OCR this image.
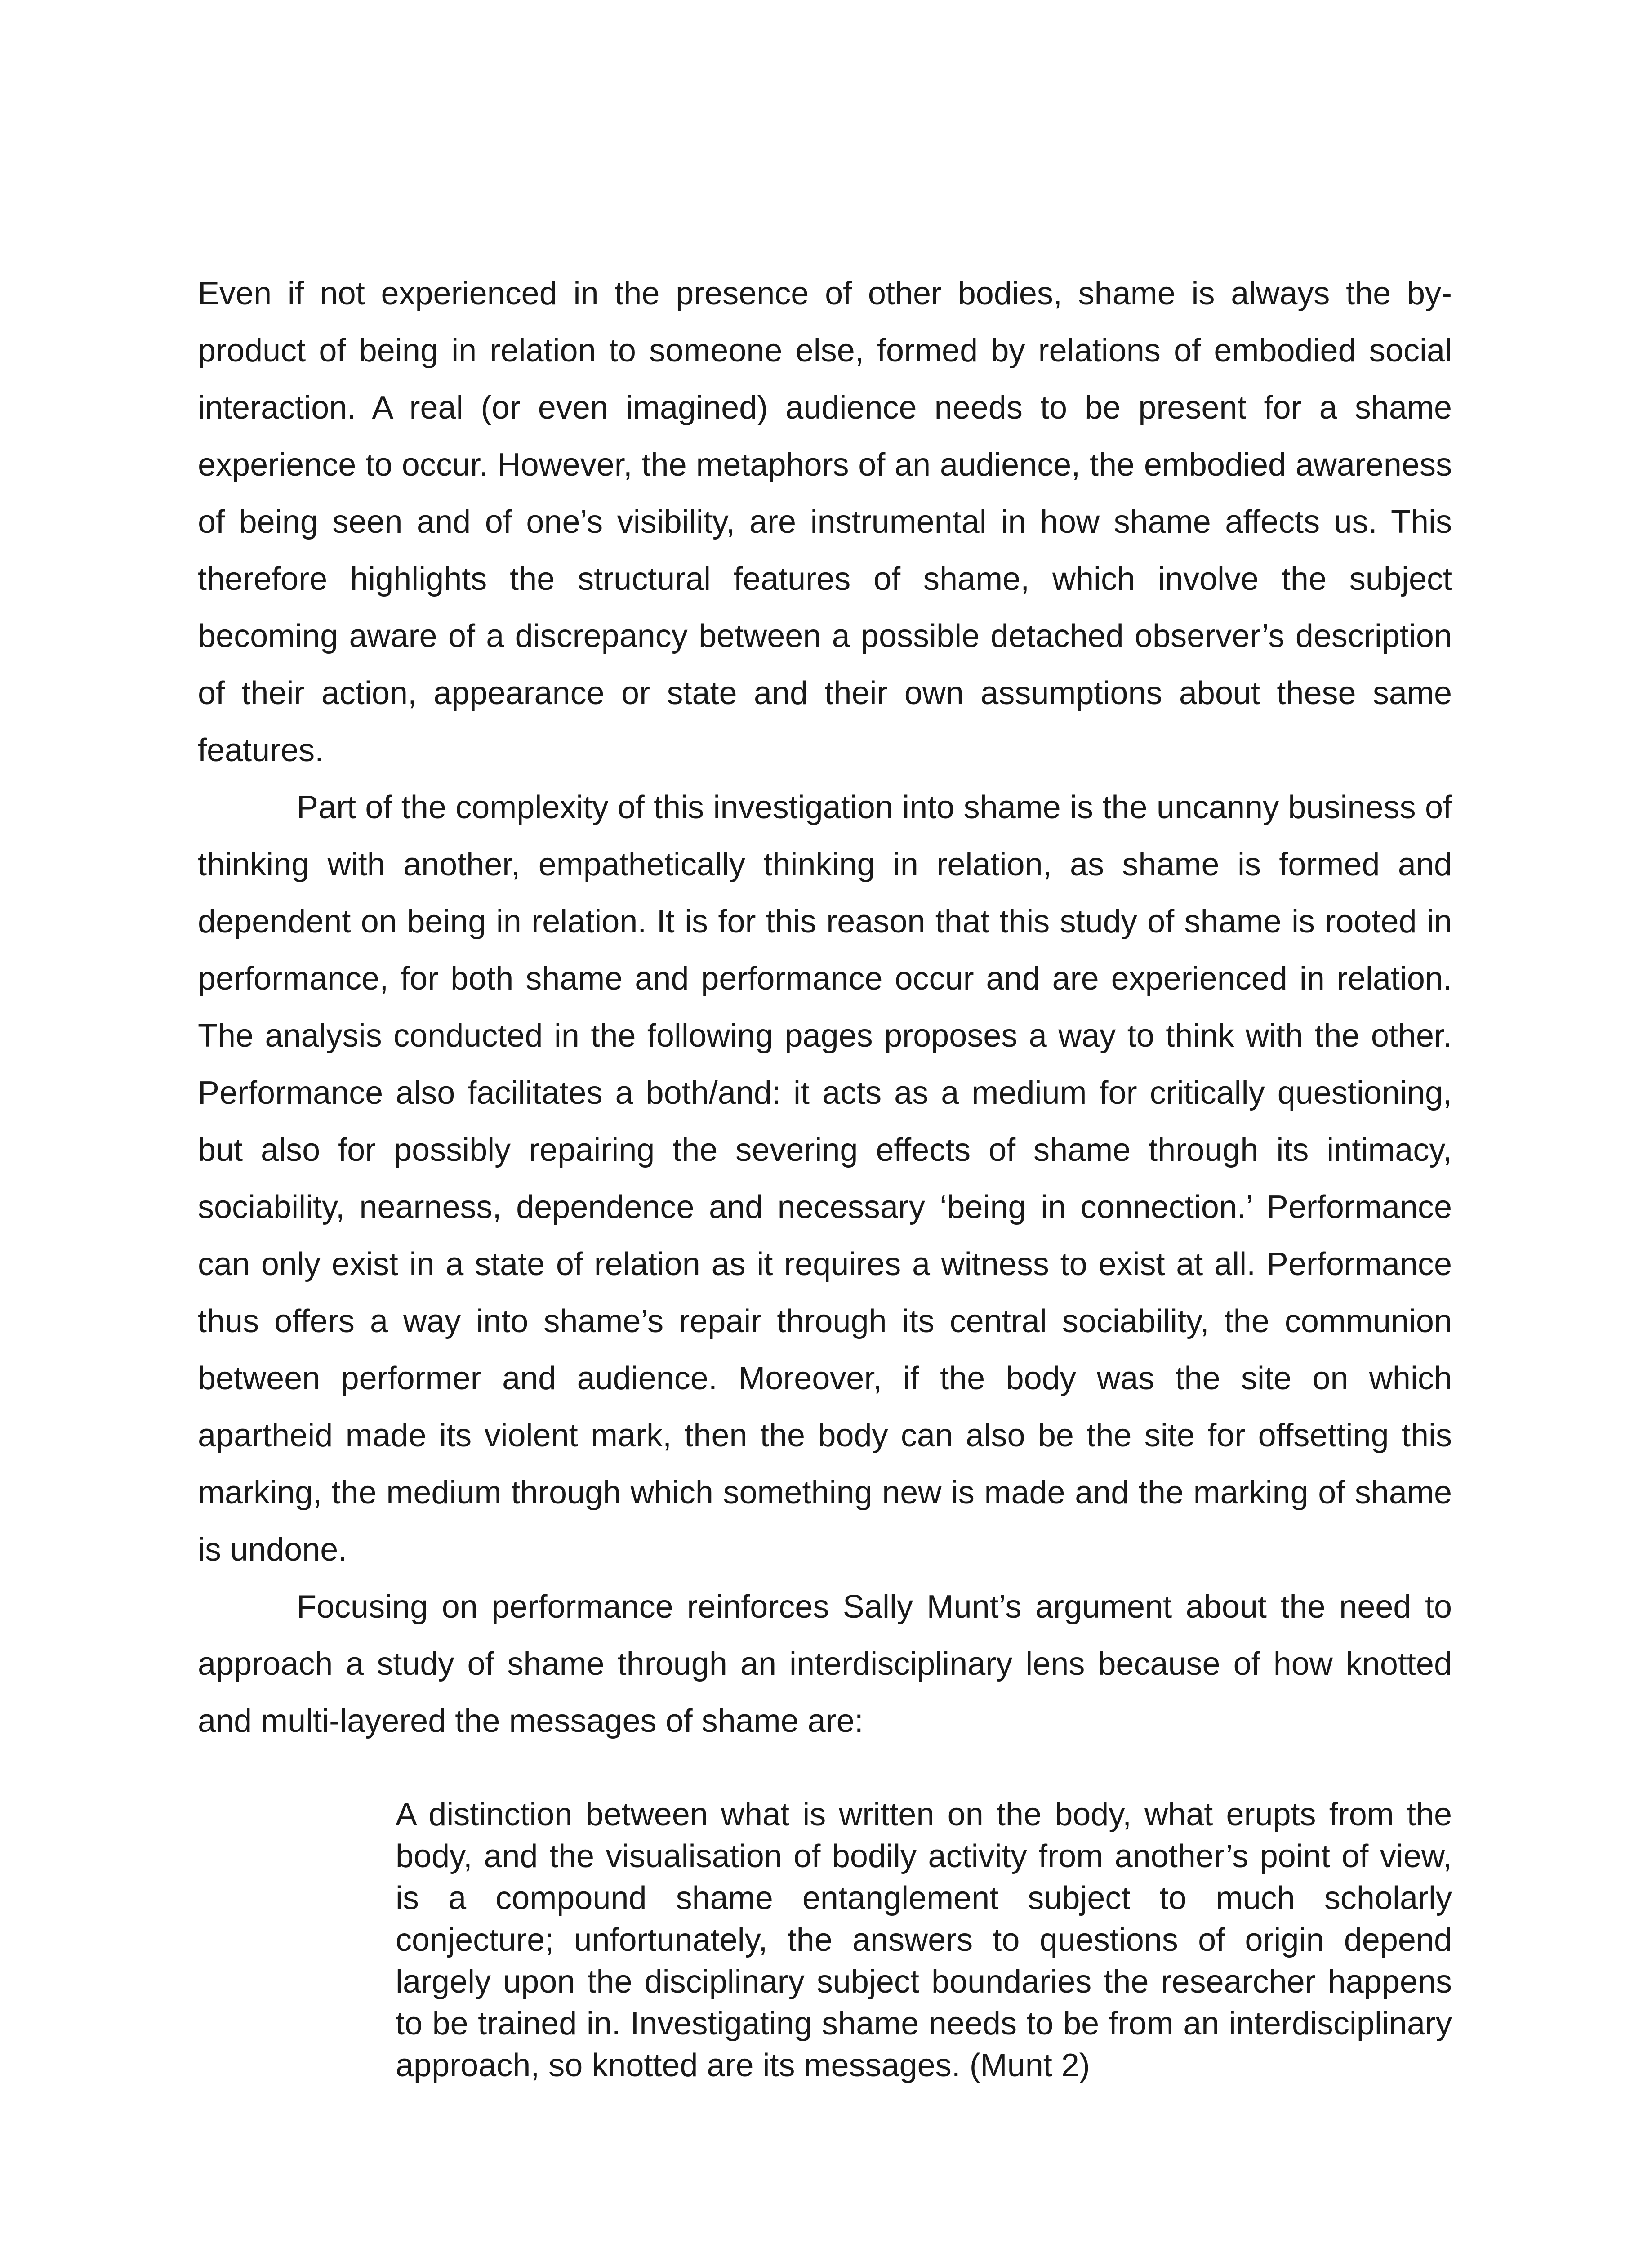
Even if not experienced in the presence of other bodies, shame is always the by-product of being in relation to someone else, formed by relations of embodied social interaction. A real (or even imagined) audience needs to be present for a shame experience to occur. However, the metaphors of an audience, the embodied awareness of being seen and of one’s visibility, are instrumental in how shame affects us. This therefore highlights the structural features of shame, which involve the subject becoming aware of a discrepancy between a possible detached observer’s description of their action, appearance or state and their own assumptions about these same features.

Part of the complexity of this investigation into shame is the uncanny business of thinking with another, empathetically thinking in relation, as shame is formed and dependent on being in relation. It is for this reason that this study of shame is rooted in performance, for both shame and performance occur and are experienced in relation. The analysis conducted in the following pages proposes a way to think with the other. Performance also facilitates a both/and: it acts as a medium for critically questioning, but also for possibly repairing the severing effects of shame through its intimacy, sociability, nearness, dependence and necessary ‘being in connection.’ Performance can only exist in a state of relation as it requires a witness to exist at all. Performance thus offers a way into shame’s repair through its central sociability, the communion between performer and audience. Moreover, if the body was the site on which apartheid made its violent mark, then the body can also be the site for offsetting this marking, the medium through which something new is made and the marking of shame is undone.

Focusing on performance reinforces Sally Munt’s argument about the need to approach a study of shame through an interdisciplinary lens because of how knotted and multi-layered the messages of shame are:

A distinction between what is written on the body, what erupts from the body, and the visualisation of bodily activity from another’s point of view, is a compound shame entanglement subject to much scholarly conjecture; unfortunately, the answers to questions of origin depend largely upon the disciplinary subject boundaries the researcher happens to be trained in. Investigating shame needs to be from an interdisciplinary approach, so knotted are its messages. (Munt 2)
